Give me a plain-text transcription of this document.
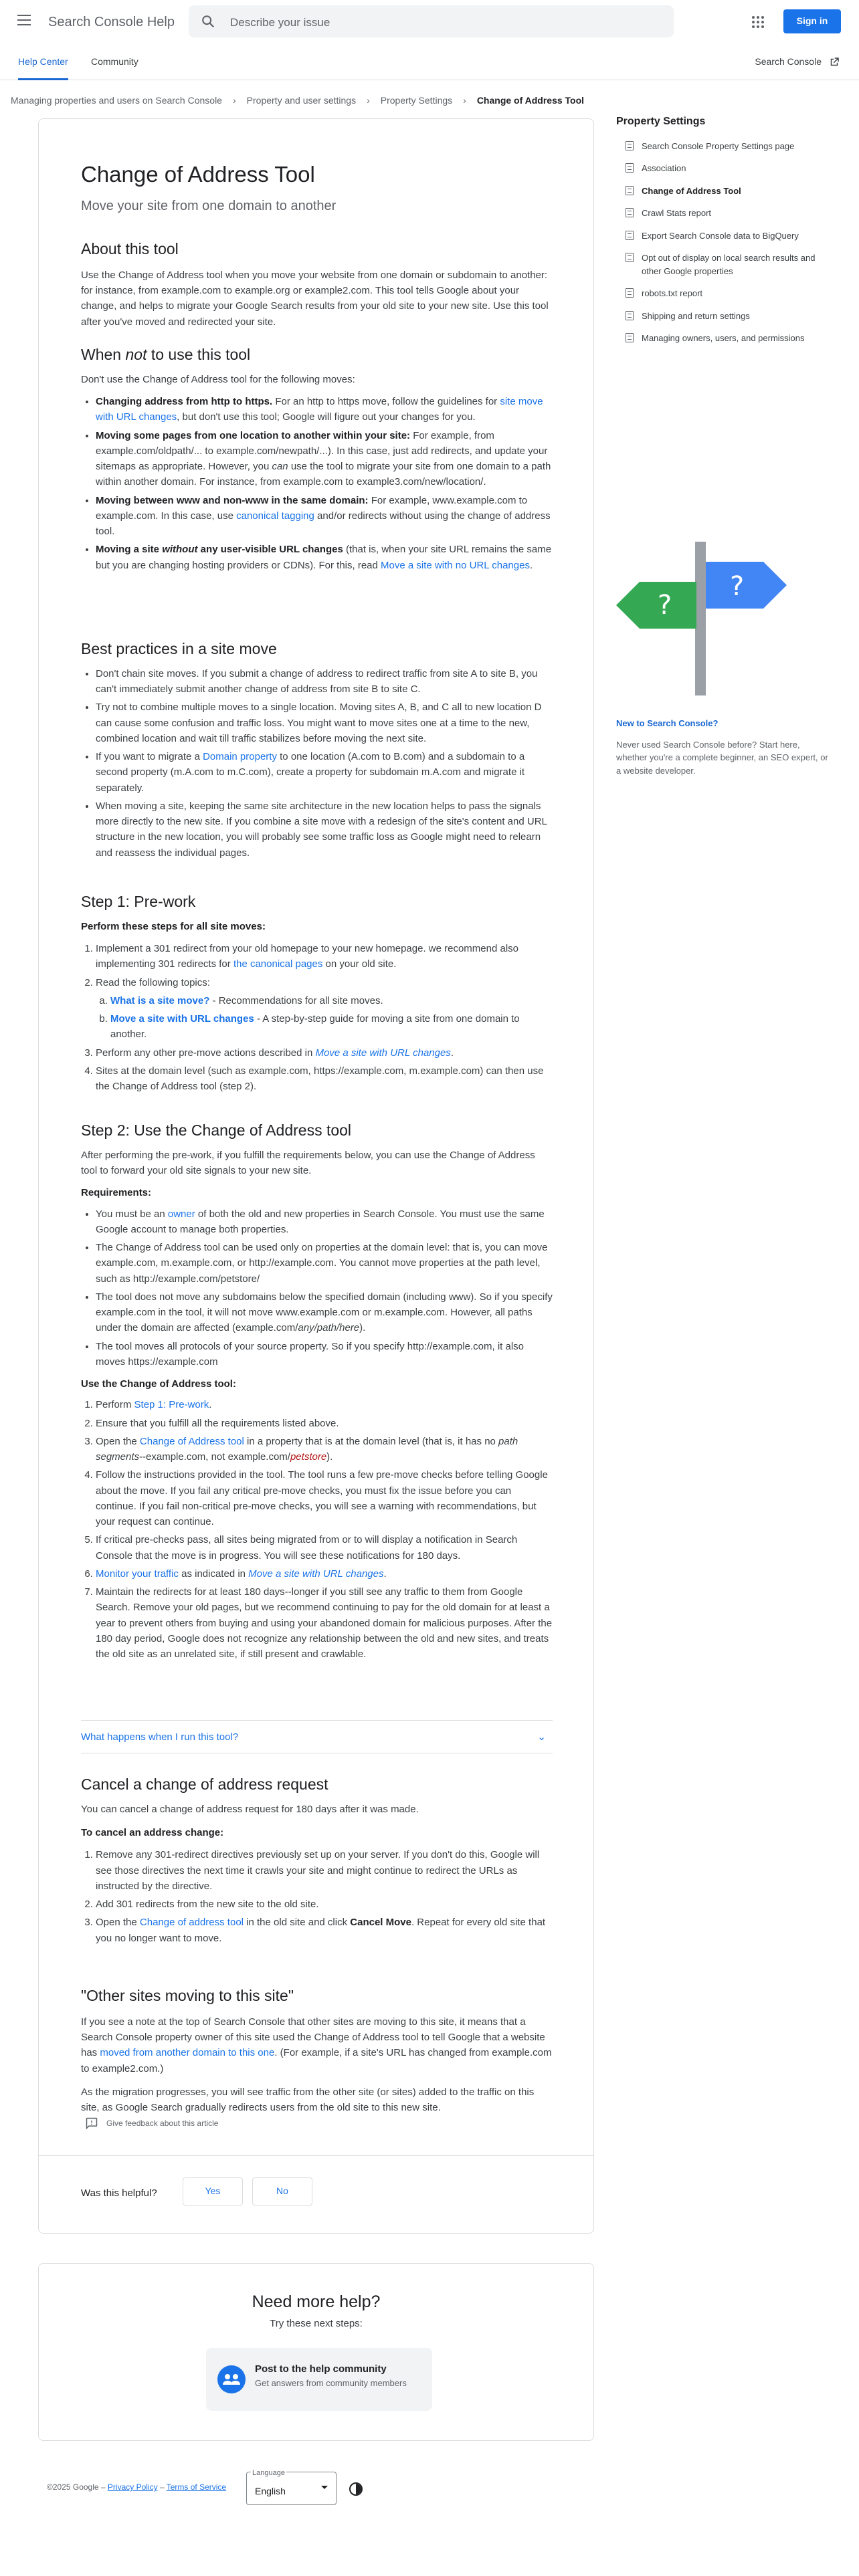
Search Console Help	Describe your issue	Sign in
Help Center Community	Search Console
Managing properties and users on Search Console › Property and user settings › Property Settings › Change of Address Tool
Change of Address Tool
Move your site from one domain to another
About this tool

Use the Change of Address tool when you move your website from one domain or subdomain to another: for instance, from example.com to example.org or example2.com. This tool tells Google about your change, and helps to migrate your Google Search results from your old site to your new site. Use this tool after you've moved and redirected your site.

When not to use this tool

Don't use the Change of Address tool for the following moves:

• Changing address from http to https. For an http to https move, follow the guidelines for site move with URL changes, but don't use this tool; Google will figure out your changes for you.
• Moving some pages from one location to another within your site: For example, from example.com/oldpath/... to example.com/newpath/...). In this case, just add redirects, and update your sitemaps as appropriate. However, you can use the tool to migrate your site from one domain to a path within another domain. For instance, from example.com to example3.com/new/location/.
• Moving between www and non-www in the same domain: For example, www.example.com to example.com. In this case, use canonical tagging and/or redirects without using the change of address tool.
• Moving a site without any user-visible URL changes (that is, when your site URL remains the same but you are changing hosting providers or CDNs). For this, read Move a site with no URL changes.
Best practices in a site move
• Don't chain site moves. If you submit a change of address to redirect traffic from site A to site B, you can't immediately submit another change of address from site B to site C.
• Try not to combine multiple moves to a single location. Moving sites A, B, and C all to new location D can cause some confusion and traffic loss. You might want to move sites one at a time to the new, combined location and wait till traffic stabilizes before moving the next site.
• If you want to migrate a Domain property to one location (A.com to B.com) and a subdomain to a second property (m.A.com to m.C.com), create a property for subdomain m.A.com and migrate it separately.
• When moving a site, keeping the same site architecture in the new location helps to pass the signals more directly to the new site. If you combine a site move with a redesign of the site's content and URL structure in the new location, you will probably see some traffic loss as Google might need to relearn and reassess the individual pages.
Step 1: Pre-work

Perform these steps for all site moves:

1. Implement a 301 redirect from your old homepage to your new homepage. we recommend also implementing 301 redirects for the canonical pages on your old site.
2. Read the following topics:
a. What is a site move? - Recommendations for all site moves.
b. Move a site with URL changes - A step-by-step guide for moving a site from one domain to another.
3. Perform any other pre-move actions described in Move a site with URL changes.
4. Sites at the domain level (such as example.com, https://example.com, m.example.com) can then use the Change of Address tool (step 2).
Step 2: Use the Change of Address tool

After performing the pre-work, if you fulfill the requirements below, you can use the Change of Address tool to forward your old site signals to your new site.

Requirements:

• You must be an owner of both the old and new properties in Search Console. You must use the same Google account to manage both properties.
• The Change of Address tool can be used only on properties at the domain level: that is, you can move example.com, m.example.com, or http://example.com. You cannot move properties at the path level, such as http://example.com/petstore/
• The tool does not move any subdomains below the specified domain (including www). So if you specify example.com in the tool, it will not move www.example.com or m.example.com. However, all paths under the domain are affected (example.com/any/path/here).
• The tool moves all protocols of your source property. So if you specify http://example.com, it also moves https://example.com

Use the Change of Address tool:

1. Perform Step 1: Pre-work.
2. Ensure that you fulfill all the requirements listed above.
3. Open the Change of Address tool in a property that is at the domain level (that is, it has no path segments--example.com, not example.com/petstore).
4. Follow the instructions provided in the tool. The tool runs a few pre-move checks before telling Google about the move. If you fail any critical pre-move checks, you must fix the issue before you can continue. If you fail non-critical pre-move checks, you will see a warning with recommendations, but your request can continue.
5. If critical pre-checks pass, all sites being migrated from or to will display a notification in Search Console that the move is in progress. You will see these notifications for 180 days.
6. Monitor your traffic as indicated in Move a site with URL changes.
7. Maintain the redirects for at least 180 days--longer if you still see any traffic to them from Google Search. Remove your old pages, but we recommend continuing to pay for the old domain for at least a year to prevent others from buying and using your abandoned domain for malicious purposes. After the 180 day period, Google does not recognize any relationship between the old and new sites, and treats the old site as an unrelated site, if still present and crawlable.
What happens when I run this tool?	⌄
Cancel a change of address request

You can cancel a change of address request for 180 days after it was made.

To cancel an address change:

1. Remove any 301-redirect directives previously set up on your server. If you don't do this, Google will see those directives the next time it crawls your site and might continue to redirect the URLs as instructed by the directive.
2. Add 301 redirects from the new site to the old site.
3. Open the Change of address tool in the old site and click Cancel Move. Repeat for every old site that you no longer want to move.
"Other sites moving to this site"

If you see a note at the top of Search Console that other sites are moving to this site, it means that a Search Console property owner of this site used the Change of Address tool to tell Google that a website has moved from another domain to this one. (For example, if a site's URL has changed from example.com to example2.com.)

As the migration progresses, you will see traffic from the other site (or sites) added to the traffic on this site, as Google Search gradually redirects users from the old site to this new site.

Give feedback about this article
Was this helpful?	Yes	No
Property Settings
Search Console Property Settings page
Association
Change of Address Tool
Crawl Stats report
Export Search Console data to BigQuery
Opt out of display on local search results and other Google properties
robots.txt report
Shipping and return settings
Managing owners, users, and permissions
?
?
New to Search Console?
Never used Search Console before? Start here, whether you're a complete beginner, an SEO expert, or a website developer.
Need more help?
Try these next steps:
Post to the help community
Get answers from community members
©2025 Google – Privacy Policy – Terms of Service
Language
English
